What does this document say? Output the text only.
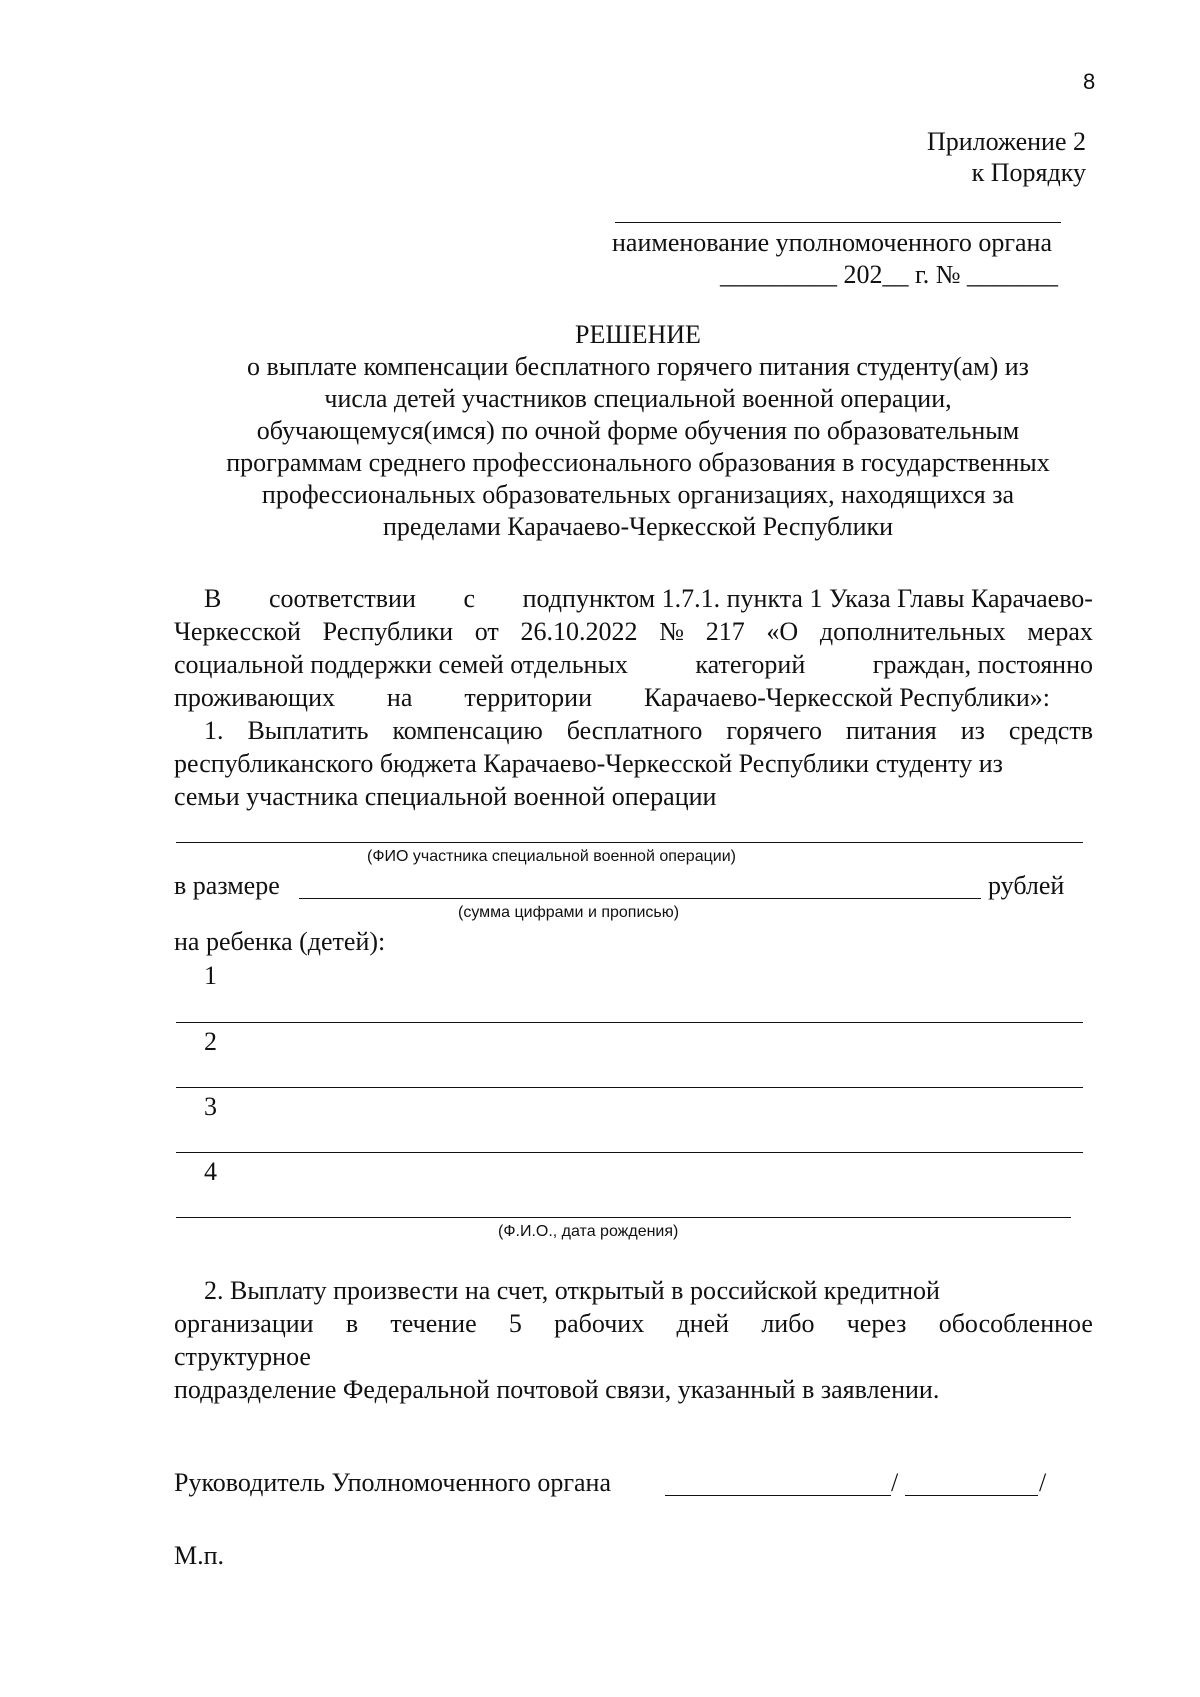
8
Приложение 2
к Порядку
наименование уполномоченного органа
_________ 202__ г. № _______
РЕШЕНИЕ
о выплате компенсации бесплатного горячего питания студенту(ам) из
числа детей участников специальной военной операции,
обучающемуся(имся) по очной форме обучения по образовательным
программам среднего профессионального образования в государственных
профессиональных образовательных организациях, находящихся за
пределами Карачаево-Черкесской Республики
В соответствии с подпунктом 1.7.1. пункта 1 Указа Главы Карачаево-
Черкесской Республики от 26.10.2022 № 217 «О дополнительных мерах
социальной поддержки семей отдельных	категорий	граждан, постоянно
проживающих на территории Карачаево-Черкесской Республики»:
1. Выплатить компенсацию бесплатного горячего питания из средств
республиканского бюджета Карачаево-Черкесской Республики студенту из
семьи участника специальной военной операции
(ФИО участника специальной военной операции)
в размере	рублей
(сумма цифрами и прописью)
на ребенка (детей):
1
2
3
4
(Ф.И.О., дата рождения)
2. Выплату произвести на счет, открытый в российской кредитной
организации в течение 5 рабочих дней либо через обособленное
структурное
подразделение Федеральной почтовой связи, указанный в заявлении.
Руководитель Уполномоченного органа	/	/
М.п.
